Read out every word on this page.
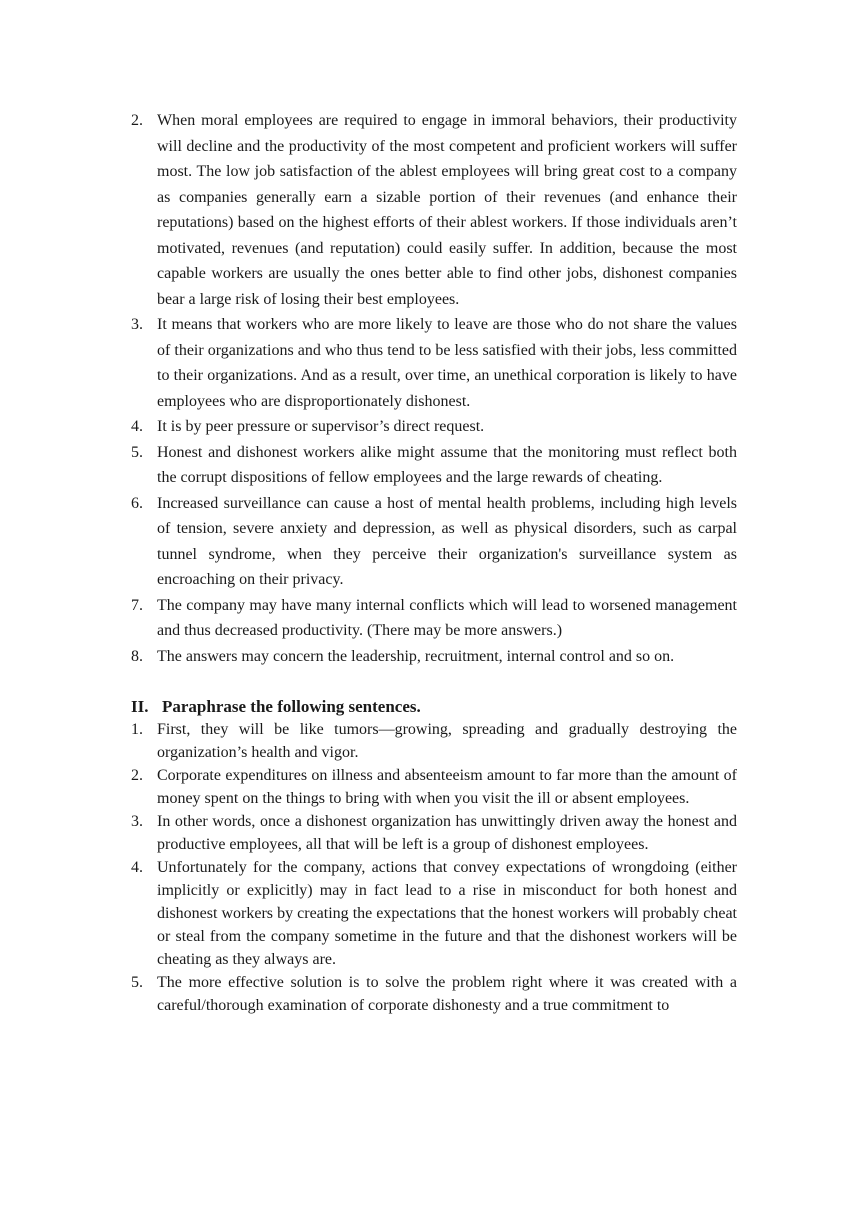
2. When moral employees are required to engage in immoral behaviors, their productivity will decline and the productivity of the most competent and proficient workers will suffer most. The low job satisfaction of the ablest employees will bring great cost to a company as companies generally earn a sizable portion of their revenues (and enhance their reputations) based on the highest efforts of their ablest workers. If those individuals aren’t motivated, revenues (and reputation) could easily suffer. In addition, because the most capable workers are usually the ones better able to find other jobs, dishonest companies bear a large risk of losing their best employees.
3. It means that workers who are more likely to leave are those who do not share the values of their organizations and who thus tend to be less satisfied with their jobs, less committed to their organizations. And as a result, over time, an unethical corporation is likely to have employees who are disproportionately dishonest.
4. It is by peer pressure or supervisor’s direct request.
5. Honest and dishonest workers alike might assume that the monitoring must reflect both the corrupt dispositions of fellow employees and the large rewards of cheating.
6. Increased surveillance can cause a host of mental health problems, including high levels of tension, severe anxiety and depression, as well as physical disorders, such as carpal tunnel syndrome, when they perceive their organization's surveillance system as encroaching on their privacy.
7. The company may have many internal conflicts which will lead to worsened management and thus decreased productivity. (There may be more answers.)
8. The answers may concern the leadership, recruitment, internal control and so on.
II. Paraphrase the following sentences.
1. First, they will be like tumors—growing, spreading and gradually destroying the organization’s health and vigor.
2. Corporate expenditures on illness and absenteeism amount to far more than the amount of money spent on the things to bring with when you visit the ill or absent employees.
3. In other words, once a dishonest organization has unwittingly driven away the honest and productive employees, all that will be left is a group of dishonest employees.
4. Unfortunately for the company, actions that convey expectations of wrongdoing (either implicitly or explicitly) may in fact lead to a rise in misconduct for both honest and dishonest workers by creating the expectations that the honest workers will probably cheat or steal from the company sometime in the future and that the dishonest workers will be cheating as they always are.
5. The more effective solution is to solve the problem right where it was created with a careful/thorough examination of corporate dishonesty and a true commitment to
